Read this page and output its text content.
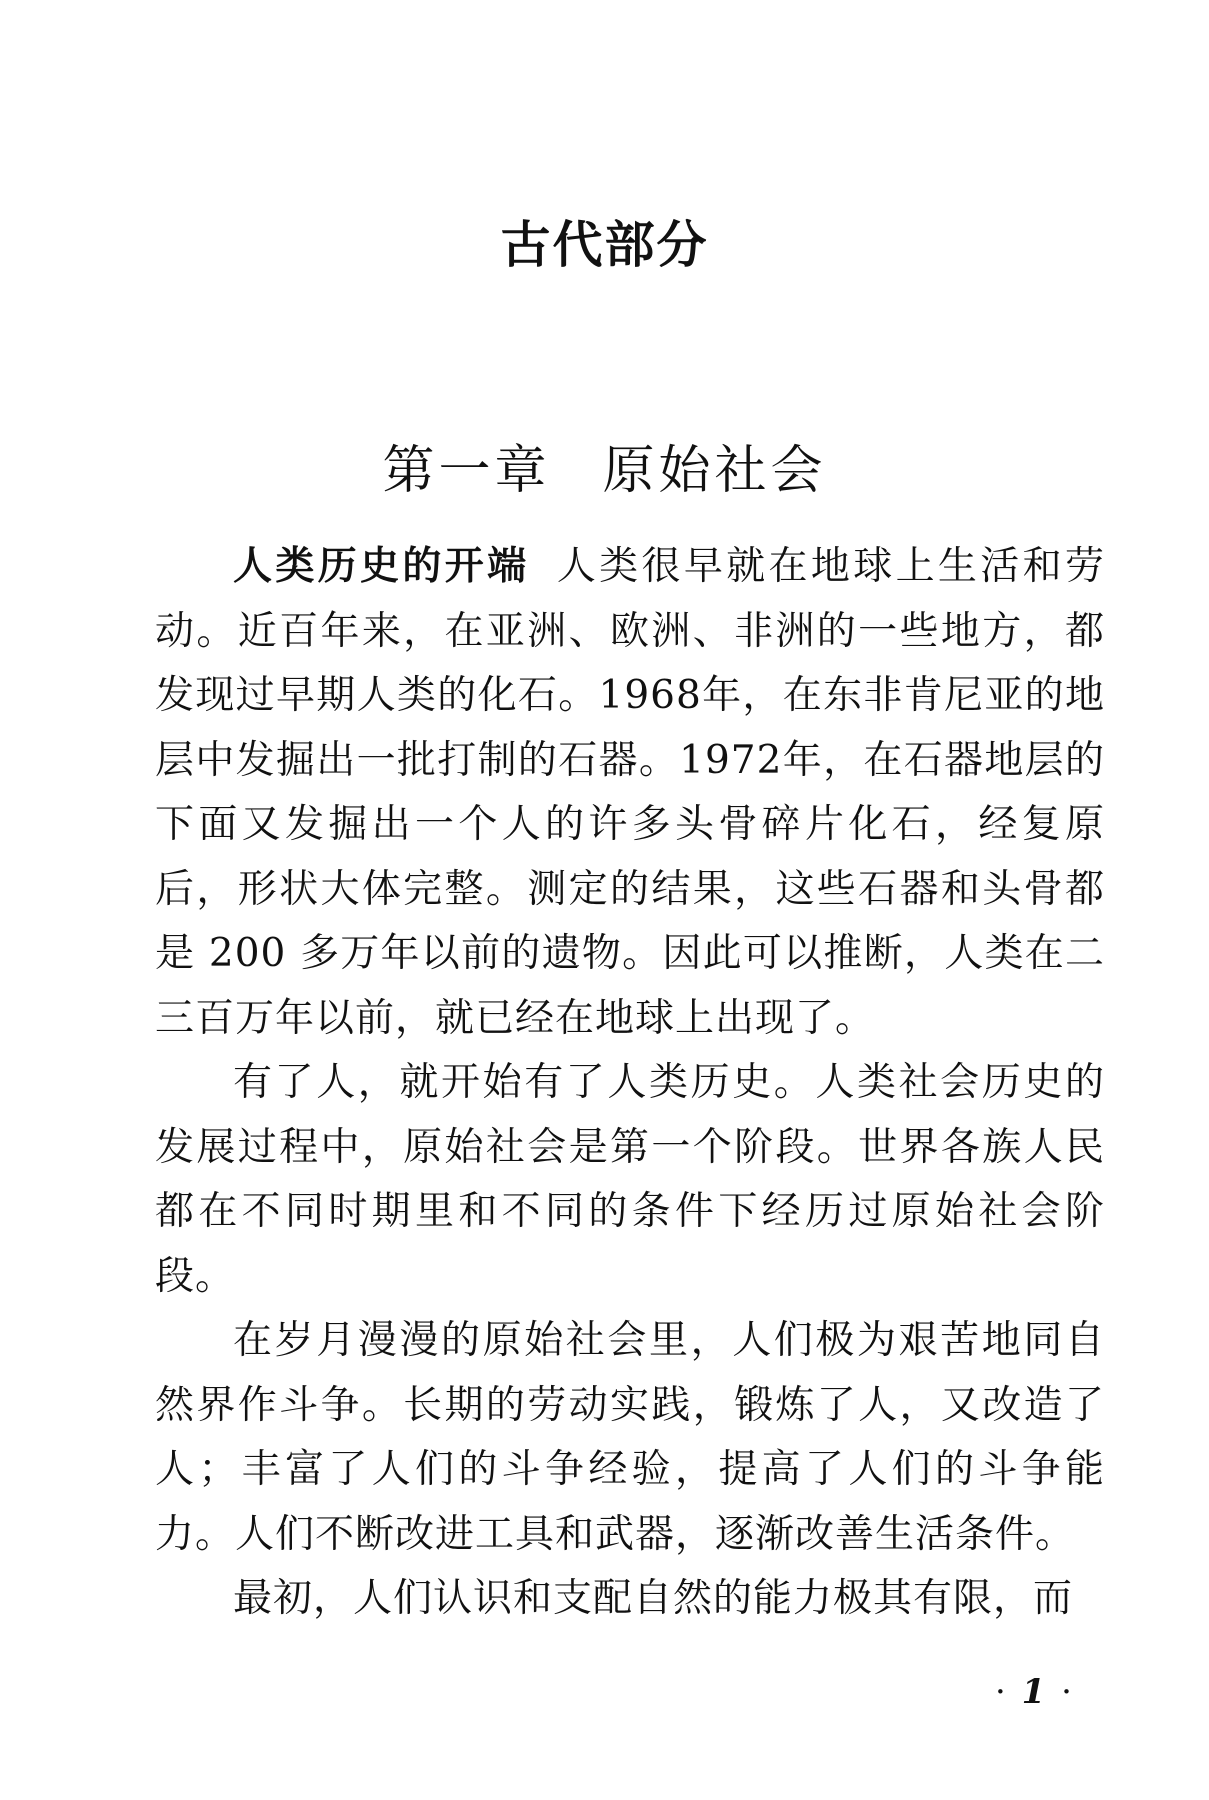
古代部分
第一章 原始社会

人类历史的开端 人类很早就在地球上生活和劳动。近百年来，在亚洲、欧洲、非洲的一些地方，都发现过早期人类的化石。1968年，在东非肯尼亚的地层中发掘出一批打制的石器。1972年，在石器地层的下面又发掘出一个人的许多头骨碎片化石，经复原后，形状大体完整。测定的结果，这些石器和头骨都是 200 多万年以前的遗物。因此可以推断，人类在二三百万年以前，就已经在地球上出现了。

有了人，就开始有了人类历史。人类社会历史的发展过程中，原始社会是第一个阶段。世界各族人民都在不同时期里和不同的条件下经历过原始社会阶段。

在岁月漫漫的原始社会里，人们极为艰苦地同自然界作斗争。长期的劳动实践，锻炼了人，又改造了人；丰富了人们的斗争经验，提高了人们的斗争能力。人们不断改进工具和武器，逐渐改善生活条件。

最初，人们认识和支配自然的能力极其有限，而

· 1 ·
